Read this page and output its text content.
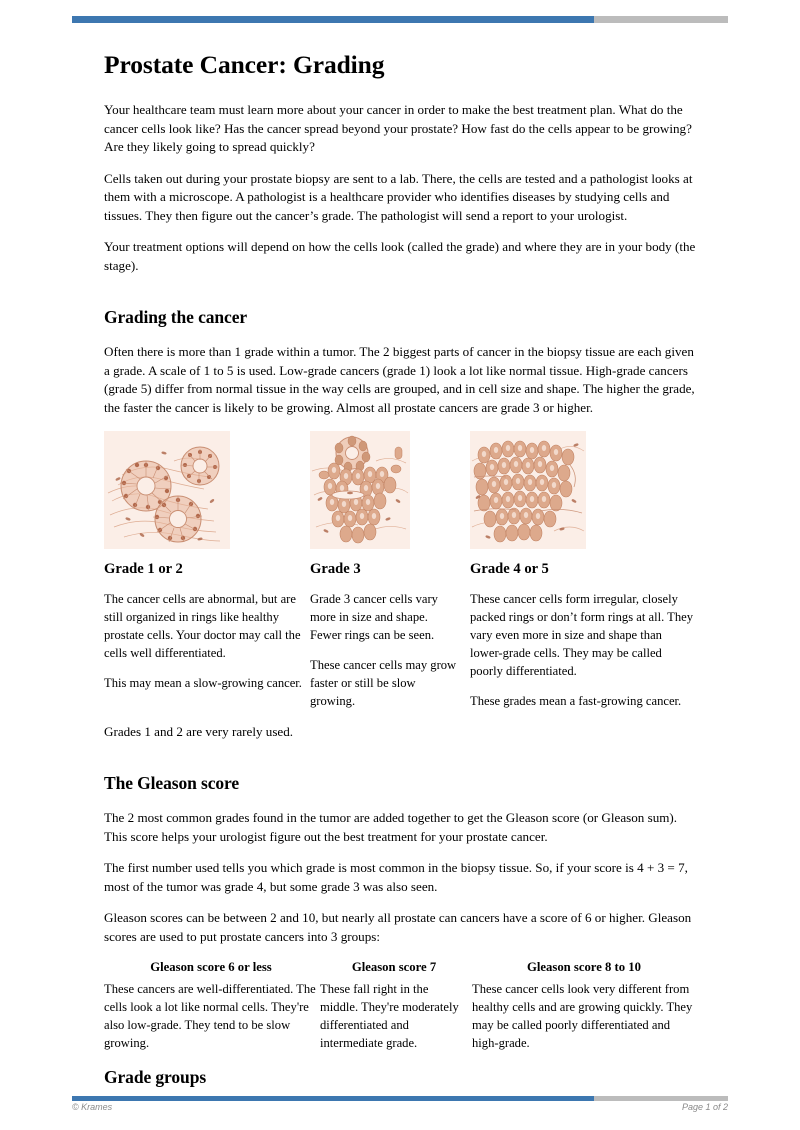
Prostate Cancer: Grading

Your healthcare team must learn more about your cancer in order to make the best treatment plan. What do the cancer cells look like? Has the cancer spread beyond your prostate? How fast do the cells appear to be growing? Are they likely going to spread quickly?

Cells taken out during your prostate biopsy are sent to a lab. There, the cells are tested and a pathologist looks at them with a microscope. A pathologist is a healthcare provider who identifies diseases by studying cells and tissues. They then figure out the cancer’s grade. The pathologist will send a report to your urologist.

Your treatment options will depend on how the cells look (called the grade) and where they are in your body (the stage).

Grading the cancer

Often there is more than 1 grade within a tumor. The 2 biggest parts of cancer in the biopsy tissue are each given a grade. A scale of 1 to 5 is used. Low-grade cancers (grade 1) look a lot like normal tissue. High-grade cancers (grade 5) differ from normal tissue in the way cells are grouped, and in cell size and shape. The higher the grade, the faster the cancer is likely to be growing. Almost all prostate cancers are grade 3 or higher.

Grade 1 or 2

The cancer cells are abnormal, but are still organized in rings like healthy prostate cells. Your doctor may call the cells well differentiated.

This may mean a slow-growing cancer.

Grade 3

Grade 3 cancer cells vary more in size and shape. Fewer rings can be seen.

These cancer cells may grow faster or still be slow growing.

Grade 4 or 5

These cancer cells form irregular, closely packed rings or don’t form rings at all. They vary even more in size and shape than lower-grade cells. They may be called poorly differentiated.

These grades mean a fast-growing cancer.

Grades 1 and 2 are very rarely used.

The Gleason score

The 2 most common grades found in the tumor are added together to get the Gleason score (or Gleason sum). This score helps your urologist figure out the best treatment for your prostate cancer.

The first number used tells you which grade is most common in the biopsy tissue. So, if your score is 4 + 3 = 7, most of the tumor was grade 4, but some grade 3 was also seen.

Gleason scores can be between 2 and 10, but nearly all prostate can cancers have a score of 6 or higher. Gleason scores are used to put prostate cancers into 3 groups:

Gleason score 6 or less

These cancers are well-differentiated. The cells look a lot like normal cells. They're also low-grade. They tend to be slow growing.

Gleason score 7

These fall right in the middle. They're moderately differentiated and intermediate grade.

Gleason score 8 to 10

These cancer cells look very different from healthy cells and are growing quickly. They may be called poorly differentiated and high-grade.

Grade groups
© Krames	Page 1 of 2
